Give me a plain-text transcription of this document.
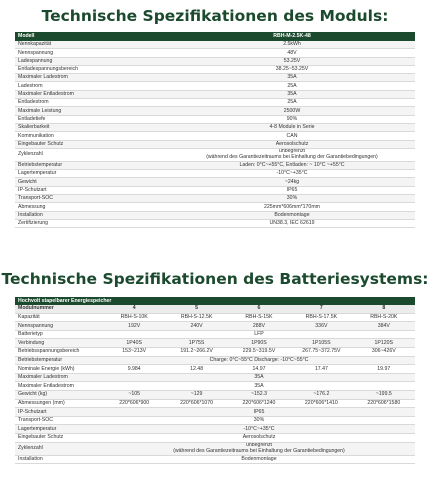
Technische Spezifikationen des Moduls:
Modell	RBH-M-2.5K-48
Nennkapazität	2.5kWh
Nennspannung	48V
Ladespannung	53.25V
Entladespannungsbereich	38.25~53.25V
Maximaler Ladestrom	35A
Ladestrom	25A
Maximaler Entladestrom	35A
Entladestrom	25A
Maximale Leistung	2500W
Entladetiefe	90%
Skalierbarkeit	4-8 Module in Serie
Kommunikation	CAN
Eingebauter Schutz	Aerosolschutz
Zyklenzahl	unbegrenzt
(während des Garantiezeitraums bei Einhaltung der Garantiebedingungen)

Betriebstemperatur	Laden: 0°C~+55°C, Entladen: ~ 10°C ~+55°C
Lagertemperatur	-10°C~+35°C
Gewicht	~24kg
IP-Schutzart	IP65
Transport-SOC	30%
Abmessung	225mm*606mm*170mm
Installation	Bodenmontage
Zertifizierung	UN38.3, IEC 62619
Technische Spezifikationen des Batteriesystems:
Hochvolt stapelbarer Energiespeicher					
Modulnummer	4	5	6	7	8
Kapazität	RBH-S-10K	RBH-S-12.5K	RBH-S-15K	RBH-S-17.5K	RBH-S-20K
Nennspannung	192V	240V	288V	336V	384V
Batterietyp	LFP				
Verbindung	1P40S	1P75S	1P90S	1P105S	1P120S
Betriebsspannungsbereich	153~213V	191.2~266.2V	229.5~319.5V	267.75~372.75V	306~426V
Betriebstemperatur	Charge: 0°C~55°C Discharge: -10°C~55°C				
Nominale Energie (kWh)	9.984	12.48	14.97	17.47	19.97
Maximaler Ladestrom	35A				
Maximaler Entladestrom	35A				
Gewicht (kg)	~105	~129	~152.3	~176.2	~199.5
Abmessungen (mm)	220*606*900	220*606*1070	220*606*1240	220*606*1410	220*606*1580
IP-Schutzart	IP65				
Transport-SOC	30%				
Lagertemperatur	-10°C~+35°C				
Eingebauter Schutz	Aerosolschutz				
Zyklenzahl	unbegrenzt
(während des Garantiezeitraums bei Einhaltung der Garantiebedingungen)				

Installation	Bodenmontage				
